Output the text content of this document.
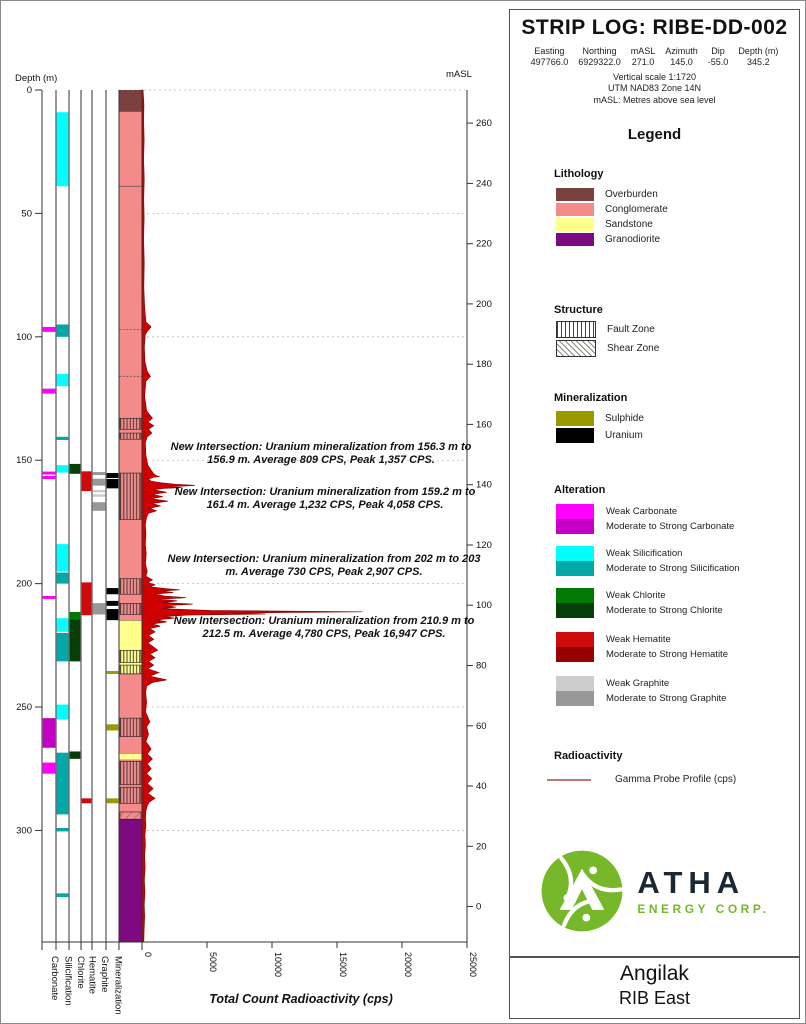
0
50
100
150
200
250
300
260
240
220
200
180
160
140
120
100
80
60
40
20
0
0	5000	10000	15000	20000	25000
Carbonate Silicification Chlorite Hematite Graphite Mineralization
Depth (m)	mASL
Total Count Radioactivity (cps)
New Intersection: Uranium mineralization from 156.3 m to 156.9 m. Average 809 CPS, Peak 1,357 CPS.
New Intersection: Uranium mineralization from 159.2 m to 161.4 m. Average 1,232 CPS, Peak 4,058 CPS.
New Intersection: Uranium mineralization from 202 m to 203 m. Average 730 CPS, Peak 2,907 CPS.
New Intersection: Uranium mineralization from 210.9 m to 212.5 m. Average 4,780 CPS, Peak 16,947 CPS.
STRIP LOG: RIBE-DD-002
Easting
497766.0
Northing
6929322.0
mASL
271.0
Azimuth
145.0
Dip
-55.0
Depth (m)
345.2
Vertical scale 1:1720
UTM NAD83 Zone 14N
mASL: Metres above sea level
Legend
Lithology
Overburden
Conglomerate
Sandstone
Granodiorite
Structure
Fault Zone
Shear Zone
Mineralization
Sulphide
Uranium
Alteration
Weak Carbonate
Moderate to Strong Carbonate
Weak Silicification
Moderate to Strong Silicification
Weak Chlorite
Moderate to Strong Chlorite
Weak Hematite
Moderate to Strong Hematite
Weak Graphite
Moderate to Strong Graphite
Radioactivity
Gamma Probe Profile (cps)
ATHA
ENERGY CORP.
Angilak
RIB East
